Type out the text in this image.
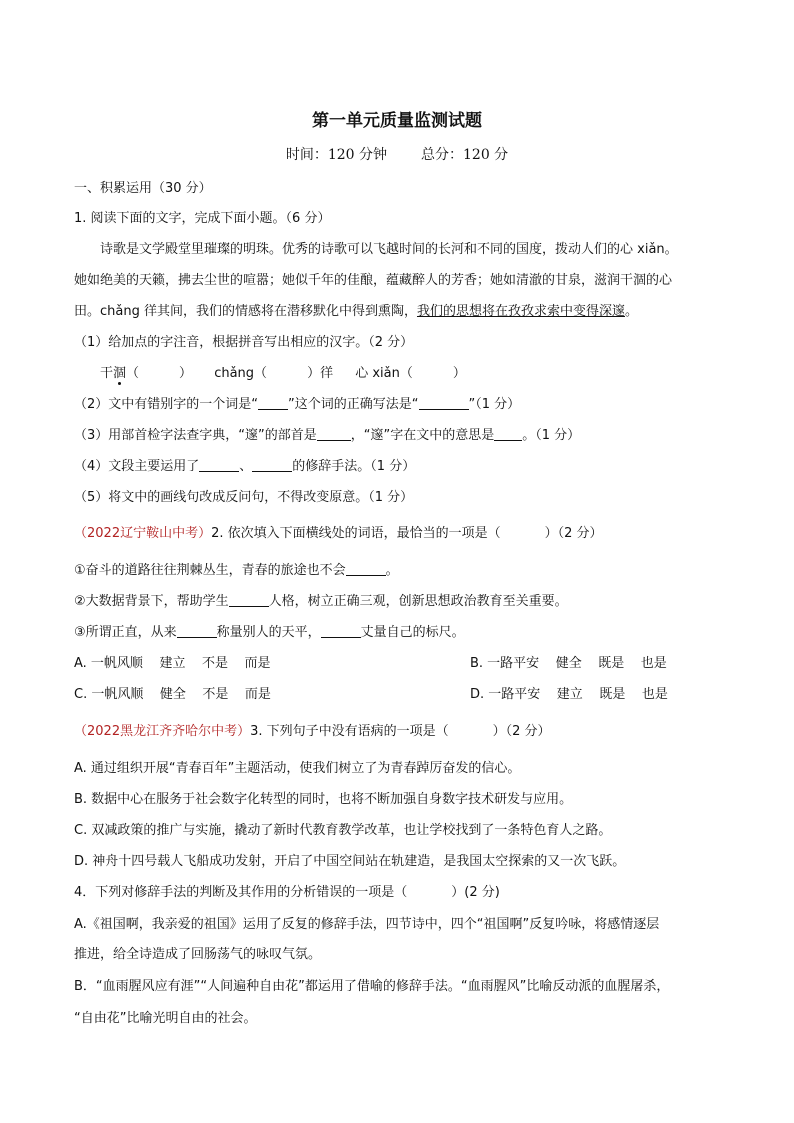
第一单元质量监测试题
时间：120 分钟 总分：120 分
一、积累运用（30 分）
1. 阅读下面的文字，完成下面小题。（6 分）
诗歌是文学殿堂里璀璨的明珠。优秀的诗歌可以飞越时间的长河和不同的国度，拨动人们的心 xiǎn。
她如绝美的天籁，拂去尘世的喧嚣；她似千年的佳酿，蕴藏醉人的芳香；她如清澈的甘泉，滋润干涸的心
田。chǎng 徉其间，我们的情感将在潜移默化中得到熏陶，我们的思想将在孜孜求索中变得深邃。
（1）给加点的字注音，根据拼音写出相应的汉字。（2 分）
干涸（	） chǎng（	）徉 心 xiǎn（	）
（2）文中有错别字的一个词是“ ”这个词的正确写法是“	”（1 分）
（3）用部首检字法查字典，“邃”的部首是	，“邃”字在文中的意思是 。（1 分）
（4）文段主要运用了	、	的修辞手法。（1 分）
（5）将文中的画线句改成反问句，不得改变原意。（1 分）
（2022辽宁鞍山中考）2. 依次填入下面横线处的词语，最恰当的一项是（	）（2 分）
①奋斗的道路往往荆棘丛生，青春的旅途也不会	。
②大数据背景下，帮助学生	人格，树立正确三观，创新思想政治教育至关重要。
③所谓正直，从来	称量别人的天平，	丈量自己的标尺。
A. 一帆风顺    建立    不是    而是	B. 一路平安    健全    既是    也是
C. 一帆风顺    健全    不是    而是	D. 一路平安    建立    既是    也是
（2022黑龙江齐齐哈尔中考）3. 下列句子中没有语病的一项是（	）（2 分）
A. 通过组织开展“青春百年”主题活动，使我们树立了为青春踔厉奋发的信心。
B. 数据中心在服务于社会数字化转型的同时，也将不断加强自身数字技术研发与应用。
C. 双减政策的推广与实施，撬动了新时代教育教学改革，也让学校找到了一条特色育人之路。
D. 神舟十四号载人飞船成功发射，开启了中国空间站在轨建造，是我国太空探索的又一次飞跃。
4．下列对修辞手法的判断及其作用的分析错误的一项是（	）(2 分)
A.《祖国啊，我亲爱的祖国》运用了反复的修辞手法，四节诗中，四个“祖国啊”反复吟咏，将感情逐层
推进，给全诗造成了回肠荡气的咏叹气氛。
B．“血雨腥风应有涯”“人间遍种自由花”都运用了借喻的修辞手法。“血雨腥风”比喻反动派的血腥屠杀，
“自由花”比喻光明自由的社会。
